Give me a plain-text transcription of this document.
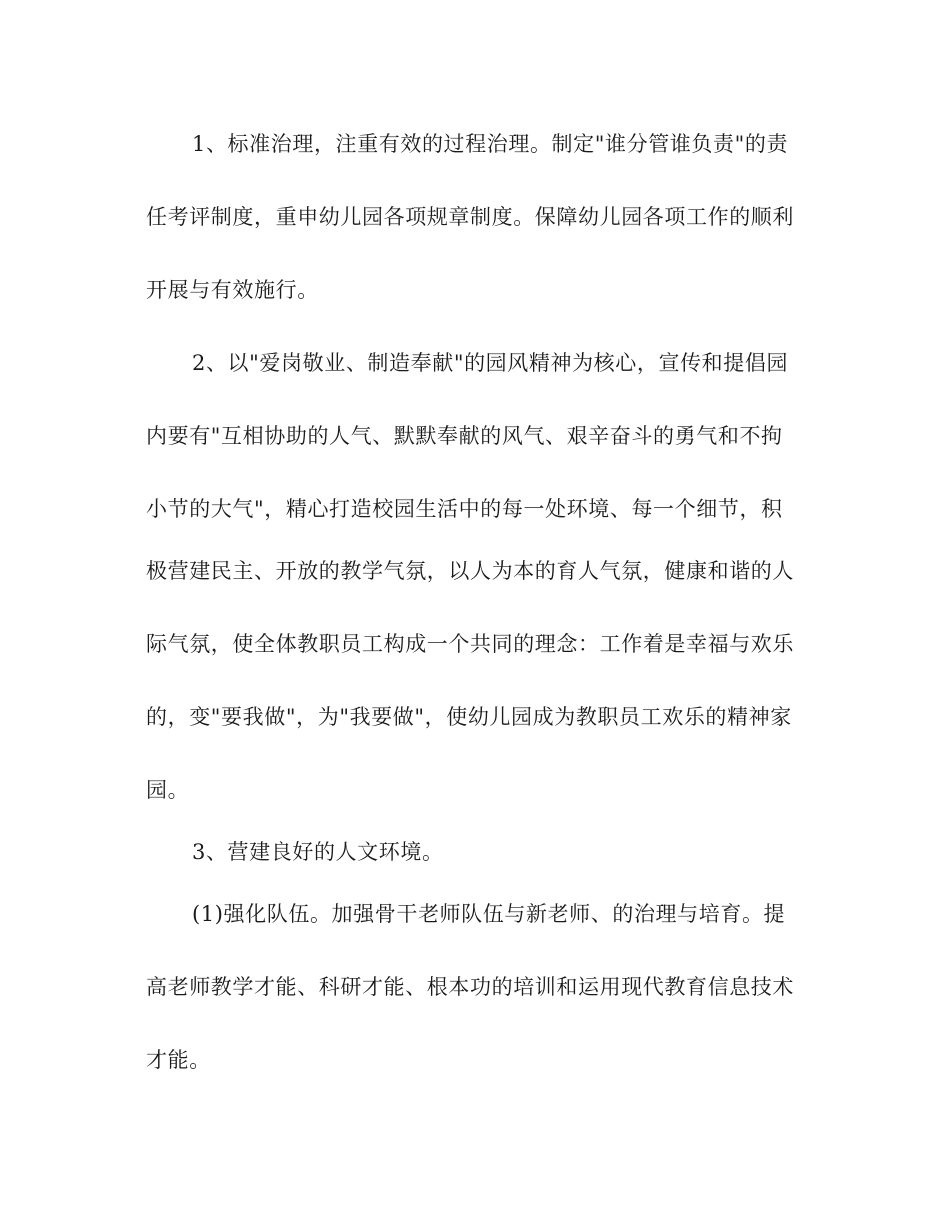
1、标准治理，注重有效的过程治理。制定"谁分管谁负责"的责

任考评制度，重申幼儿园各项规章制度。保障幼儿园各项工作的顺利

开展与有效施行。

2、以"爱岗敬业、制造奉献"的园风精神为核心，宣传和提倡园

内要有"互相协助的人气、默默奉献的风气、艰辛奋斗的勇气和不拘

小节的大气"，精心打造校园生活中的每一处环境、每一个细节，积

极营建民主、开放的教学气氛，以人为本的育人气氛，健康和谐的人

际气氛，使全体教职员工构成一个共同的理念：工作着是幸福与欢乐

的，变"要我做"，为"我要做"，使幼儿园成为教职员工欢乐的精神家

园。

3、营建良好的人文环境。

(1)强化队伍。加强骨干老师队伍与新老师、的治理与培育。提

高老师教学才能、科研才能、根本功的培训和运用现代教育信息技术

才能。
